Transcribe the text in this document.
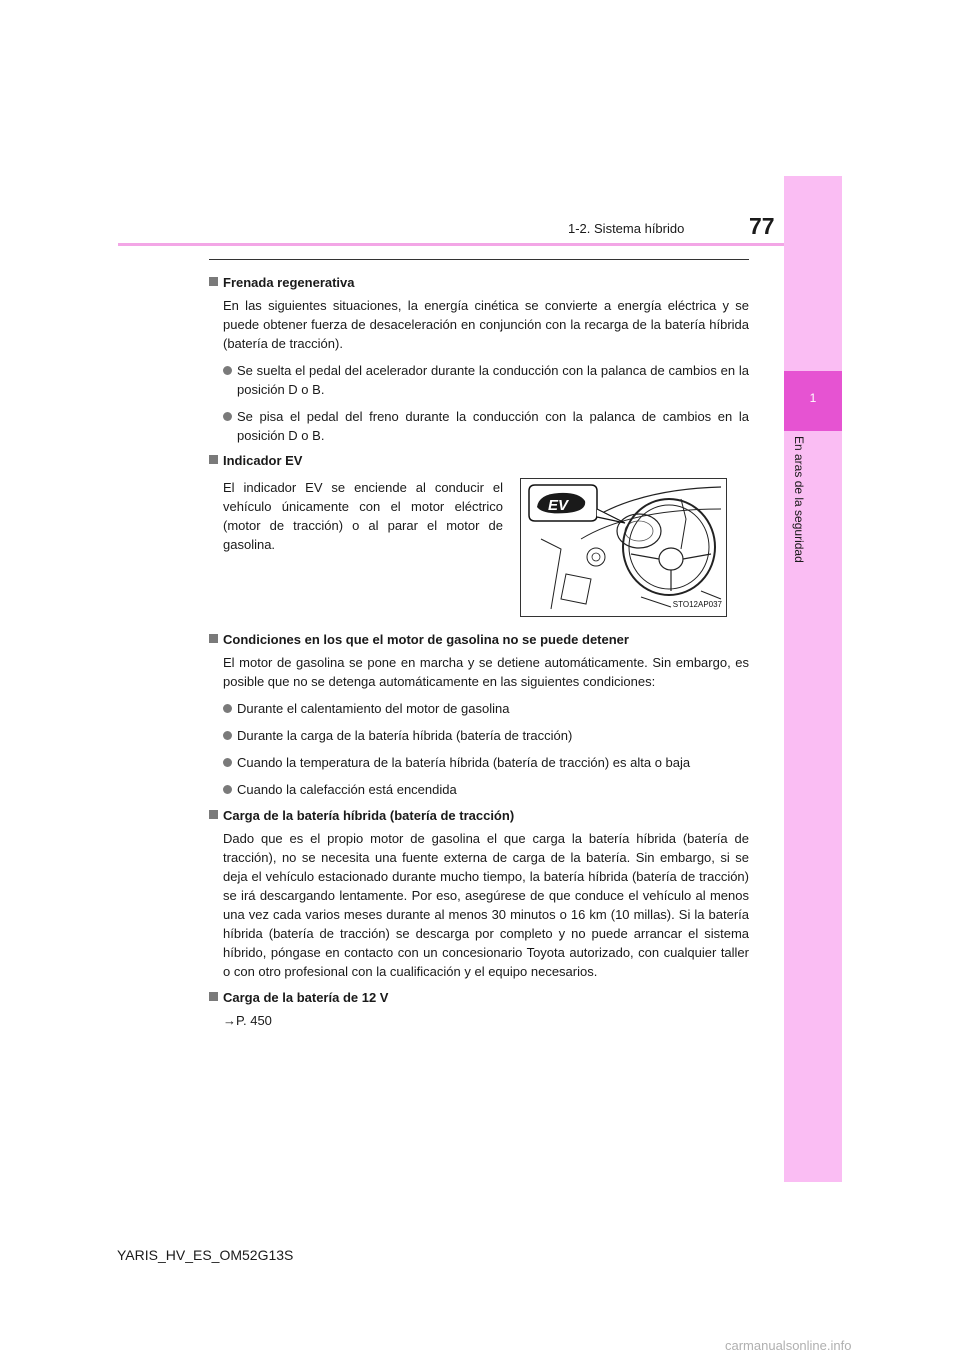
1
En aras de la seguridad
1-2. Sistema híbrido	77
Frenada regenerativa
En las siguientes situaciones, la energía cinética se convierte a energía eléctrica y se puede obtener fuerza de desaceleración en conjunción con la recarga de la batería híbrida (batería de tracción).
Se suelta el pedal del acelerador durante la conducción con la palanca de cambios en la posición D o B.
Se pisa el pedal del freno durante la conducción con la palanca de cambios en la posición D o B.
Indicador EV
El indicador EV se enciende al conducir el vehículo únicamente con el motor eléctrico (motor de tracción) o al parar el motor de gasolina.
EV
STO12AP037
Condiciones en los que el motor de gasolina no se puede detener
El motor de gasolina se pone en marcha y se detiene automáticamente. Sin embargo, es posible que no se detenga automáticamente en las siguientes condiciones:
Durante el calentamiento del motor de gasolina
Durante la carga de la batería híbrida (batería de tracción)
Cuando la temperatura de la batería híbrida (batería de tracción) es alta o baja
Cuando la calefacción está encendida
Carga de la batería híbrida (batería de tracción)
Dado que es el propio motor de gasolina el que carga la batería híbrida (batería de tracción), no se necesita una fuente externa de carga de la batería. Sin embargo, si se deja el vehículo estacionado durante mucho tiempo, la batería híbrida (batería de tracción) se irá descargando lentamente. Por eso, asegúrese de que conduce el vehículo al menos una vez cada varios meses durante al menos 30 minutos o 16 km (10 millas). Si la batería híbrida (batería de tracción) se descarga por completo y no puede arrancar el sistema híbrido, póngase en contacto con un concesionario Toyota autorizado, con cualquier taller o con otro profesional con la cualificación y el equipo necesarios.
Carga de la batería de 12 V
→P. 450
YARIS_HV_ES_OM52G13S
carmanualsonline.info
